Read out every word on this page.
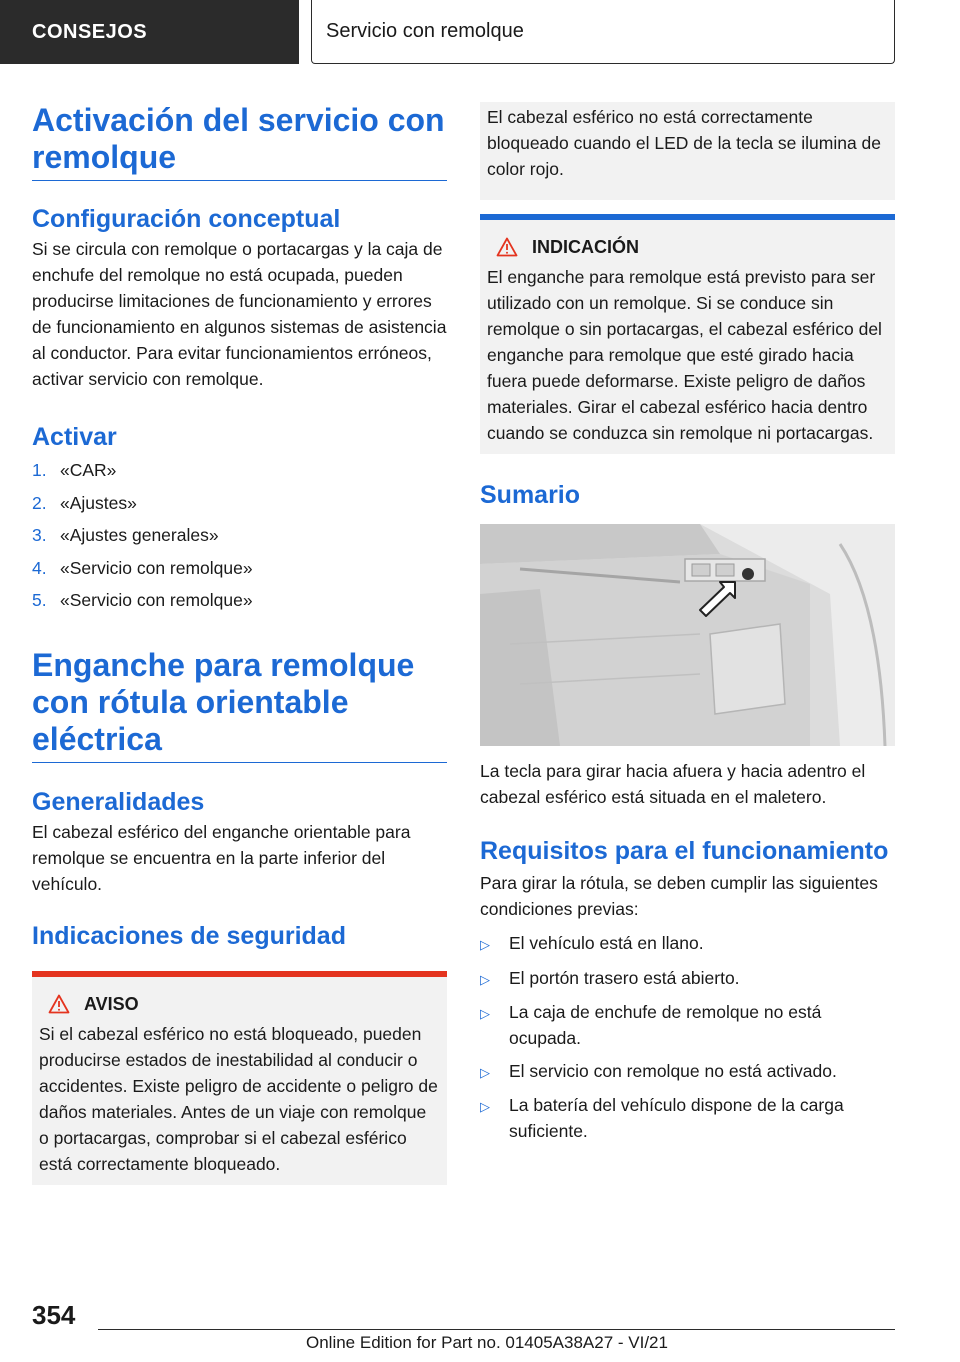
CONSEJOS	Servicio con remolque
Activación del servicio con remolque
Configuración conceptual

Si se circula con remolque o portacargas y la caja de enchufe del remolque no está ocupada, pueden producirse limitaciones de funcionamiento y errores de funcionamiento en algunos sistemas de asistencia al conductor. Para evitar funcionamientos erróneos, activar servicio con remolque.

Activar
1. «CAR»
2. «Ajustes»
3. «Ajustes generales»
4. «Servicio con remolque»
5. «Servicio con remolque»
Enganche para remolque con rótula orientable eléctrica
Generalidades

El cabezal esférico del enganche orientable para remolque se encuentra en la parte inferior del vehículo.

Indicaciones de seguridad
AVISO

Si el cabezal esférico no está bloqueado, pueden producirse estados de inestabilidad al conducir o accidentes. Existe peligro de accidente o peligro de daños materiales. Antes de un viaje con remolque o portacargas, comprobar si el cabezal esférico está correctamente bloqueado.

El cabezal esférico no está correctamente bloqueado cuando el LED de la tecla se ilumina de color rojo.

INDICACIÓN

El enganche para remolque está previsto para ser utilizado con un remolque. Si se conduce sin remolque o sin portacargas, el cabezal esférico del enganche para remolque que esté girado hacia fuera puede deformarse. Existe peligro de daños materiales. Girar el cabezal esférico hacia dentro cuando se conduzca sin remolque ni portacargas.

Sumario

La tecla para girar hacia afuera y hacia adentro el cabezal esférico está situada en el maletero.

Requisitos para el funcionamiento

Para girar la rótula, se deben cumplir las siguientes condiciones previas:

▷	El vehículo está en llano.
▷	El portón trasero está abierto.
▷	La caja de enchufe de remolque no está ocupada.
▷	El servicio con remolque no está activado.
▷	La batería del vehículo dispone de la carga suficiente.
354
Online Edition for Part no. 01405A38A27 - VI/21
